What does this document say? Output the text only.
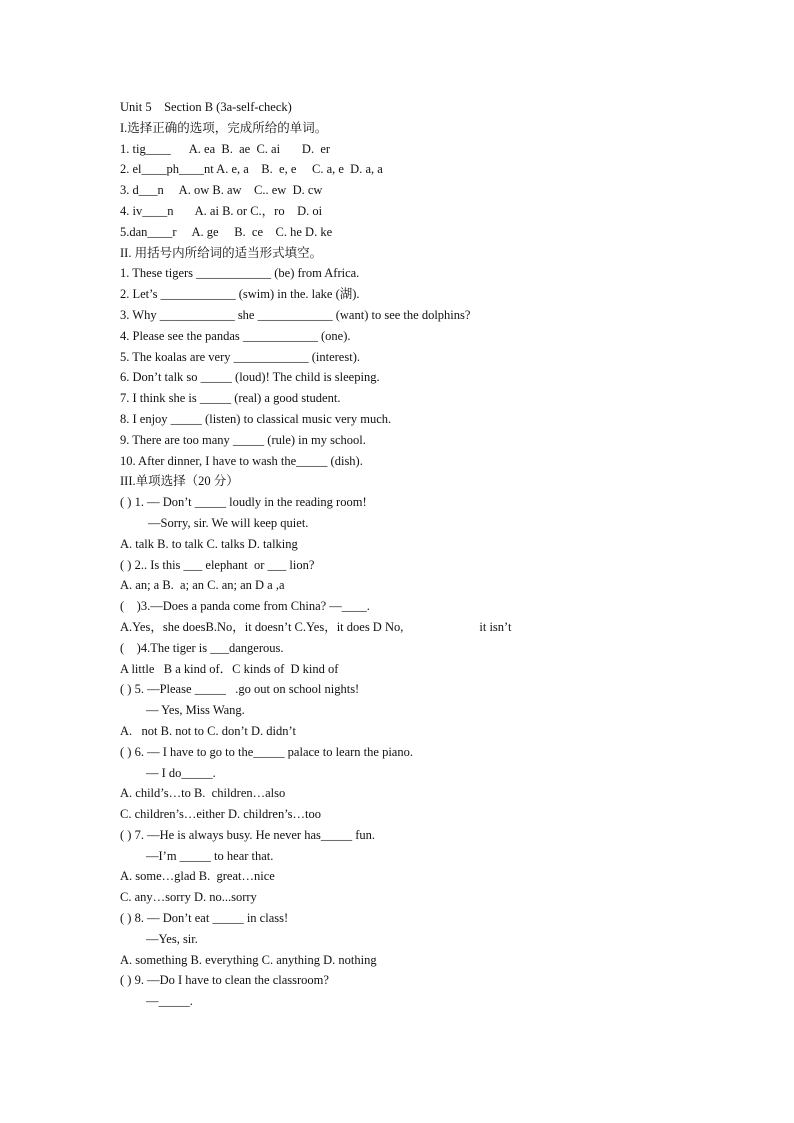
Unit 5    Section B (3a-self-check)
I.选择正确的选项，完成所给的单词。
1. tig____      A. ea  B.  ae  C. ai       D.  er
2. el____ph____nt A. e, a    B.  e, e     C. a, e  D. a, a
3. d___n     A. ow B. aw    C.. ew  D. cw
4. iv____n       A. ai B. or C.，ro    D. oi
5.dan____r     A. ge     B.  ce    C. he D. ke
II. 用括号内所给词的适当形式填空。
1. These tigers ____________ (be) from Africa.
2. Let’s ____________ (swim) in the. lake (湖).
3. Why ____________ she ____________ (want) to see the dolphins?
4. Please see the pandas ____________ (one).
5. The koalas are very ____________ (interest).
6. Don’t talk so _____ (loud)! The child is sleeping.
7. I think she is _____ (real) a good student.
8. I enjoy _____ (listen) to classical music very much.
9. There are too many _____ (rule) in my school.
10. After dinner, I have to wash the_____ (dish).
III.单项选择（20 分）
( ) 1. — Don’t _____ loudly in the reading room!
—Sorry, sir. We will keep quiet.
A. talk B. to talk C. talks D. talking
( ) 2.. Is this ___ elephant  or ___ lion?
A. an; a B.  a; an C. an; an D a ,a
(    )3.—Does a panda come from China? —____.
A.Yes，she doesB.No，it doesn’t C.Yes，it does D No,	it isn’t
(    )4.The tiger is ___dangerous.
A little   B a kind of．C kinds of  D kind of
( ) 5. —Please _____   .go out on school nights!
— Yes, Miss Wang.
A.   not B. not to C. don’t D. didn’t
( ) 6. — I have to go to the_____ palace to learn the piano.
— I do_____.
A. child’s…to B.  children…also
C. children’s…either D. children’s…too
( ) 7. —He is always busy. He never has_____ fun.
—I’m _____ to hear that.
A. some…glad B.  great…nice
C. any…sorry D. no...sorry
( ) 8. — Don’t eat _____ in class!
—Yes, sir.
A. something B. everything C. anything D. nothing
( ) 9. —Do I have to clean the classroom?
—_____.
